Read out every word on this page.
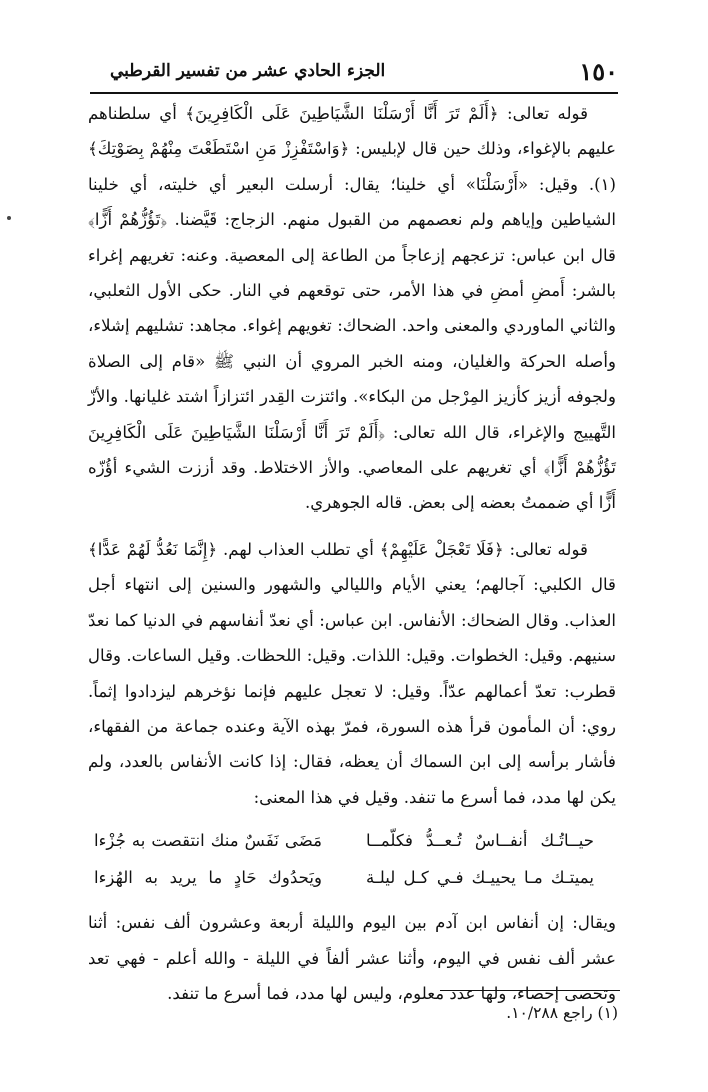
١٥٠
الجزء الحادي عشر من تفسير القرطبي

قوله تعالى: ﴿أَلَمْ تَرَ أَنَّا أَرْسَلْنَا الشَّيَاطِينَ عَلَى الْكَافِرِينَ﴾ أي سلطناهم عليهم بالإغواء، وذلك حين قال لإبليس: ﴿وَاسْتَفْزِزْ مَنِ اسْتَطَعْتَ مِنْهُمْ بِصَوْتِكَ﴾(١). وقيل: «أَرْسَلْنَا» أي خلينا؛ يقال: أرسلت البعير أي خليته، أي خلينا الشياطين وإياهم ولم نعصمهم من القبول منهم. الزجاج: قَيَّضنا. ﴿تَؤُزُّهُمْ أَزًّا﴾ قال ابن عباس: تزعجهم إزعاجاً من الطاعة إلى المعصية. وعنه: تغريهم إغراء بالشر: أَمضِ أمضِ في هذا الأمر، حتى توقعهم في النار. حكى الأول الثعلبي، والثاني الماوردي والمعنى واحد. الضحاك: تغويهم إغواء. مجاهد: تشليهم إشلاء، وأصله الحركة والغليان، ومنه الخبر المروي أن النبي ﷺ «قام إلى الصلاة ولجوفه أزيز كأزيز المِرْجل من البكاء». وائتزت القِدر ائتزازاً اشتد غليانها. والأزّ التَّهييج والإغراء، قال الله تعالى: ﴿أَلَمْ تَرَ أَنَّا أَرْسَلْنَا الشَّيَاطِينَ عَلَى الْكَافِرِينَ تَؤُزُّهُمْ أَزًّا﴾ أي تغريهم على المعاصي. والأز الاختلاط. وقد أززت الشيء أؤُزّه أَزًّا أي ضممتُ بعضه إلى بعض. قاله الجوهري.

قوله تعالى: ﴿فَلَا تَعْجَلْ عَلَيْهِمْ﴾ أي تطلب العذاب لهم. ﴿إِنَّمَا نَعُدُّ لَهُمْ عَدًّا﴾ قال الكلبي: آجالهم؛ يعني الأيام والليالي والشهور والسنين إلى انتهاء أجل العذاب. وقال الضحاك: الأنفاس. ابن عباس: أي نعدّ أنفاسهم في الدنيا كما نعدّ سنيهم. وقيل: الخطوات. وقيل: اللذات. وقيل: اللحظات. وقيل الساعات. وقال قطرب: تعدّ أعمالهم عدّاً. وقيل: لا تعجل عليهم فإنما نؤخرهم ليزدادوا إثماً. روي: أن المأمون قرأ هذه السورة، فمرّ بهذه الآية وعنده جماعة من الفقهاء، فأشار برأسه إلى ابن السماك أن يعظه، فقال: إذا كانت الأنفاس بالعدد، ولم يكن لها مدد، فما أسرع ما تنفد. وقيل في هذا المعنى:

حيــاتُـك أنفــاسٌ تُـعــدُّ فكلّمــا
مَضَى نَفَسٌ منك انتقصت به جُزْءا
يميتـك مـا يحييـك فـي كـل ليلـة
ويَحدُوك حَادٍ ما يريد به الهُزءا

ويقال: إن أنفاس ابن آدم بين اليوم والليلة أربعة وعشرون ألف نفس: أثنا عشر ألف نفس في اليوم، وأثنا عشر ألفاً في الليلة - والله أعلم - فهي تعد وتحصى إحصاء، ولها عدد معلوم، وليس لها مدد، فما أسرع ما تنفد.

(١) راجع ١٠/٢٨٨.
